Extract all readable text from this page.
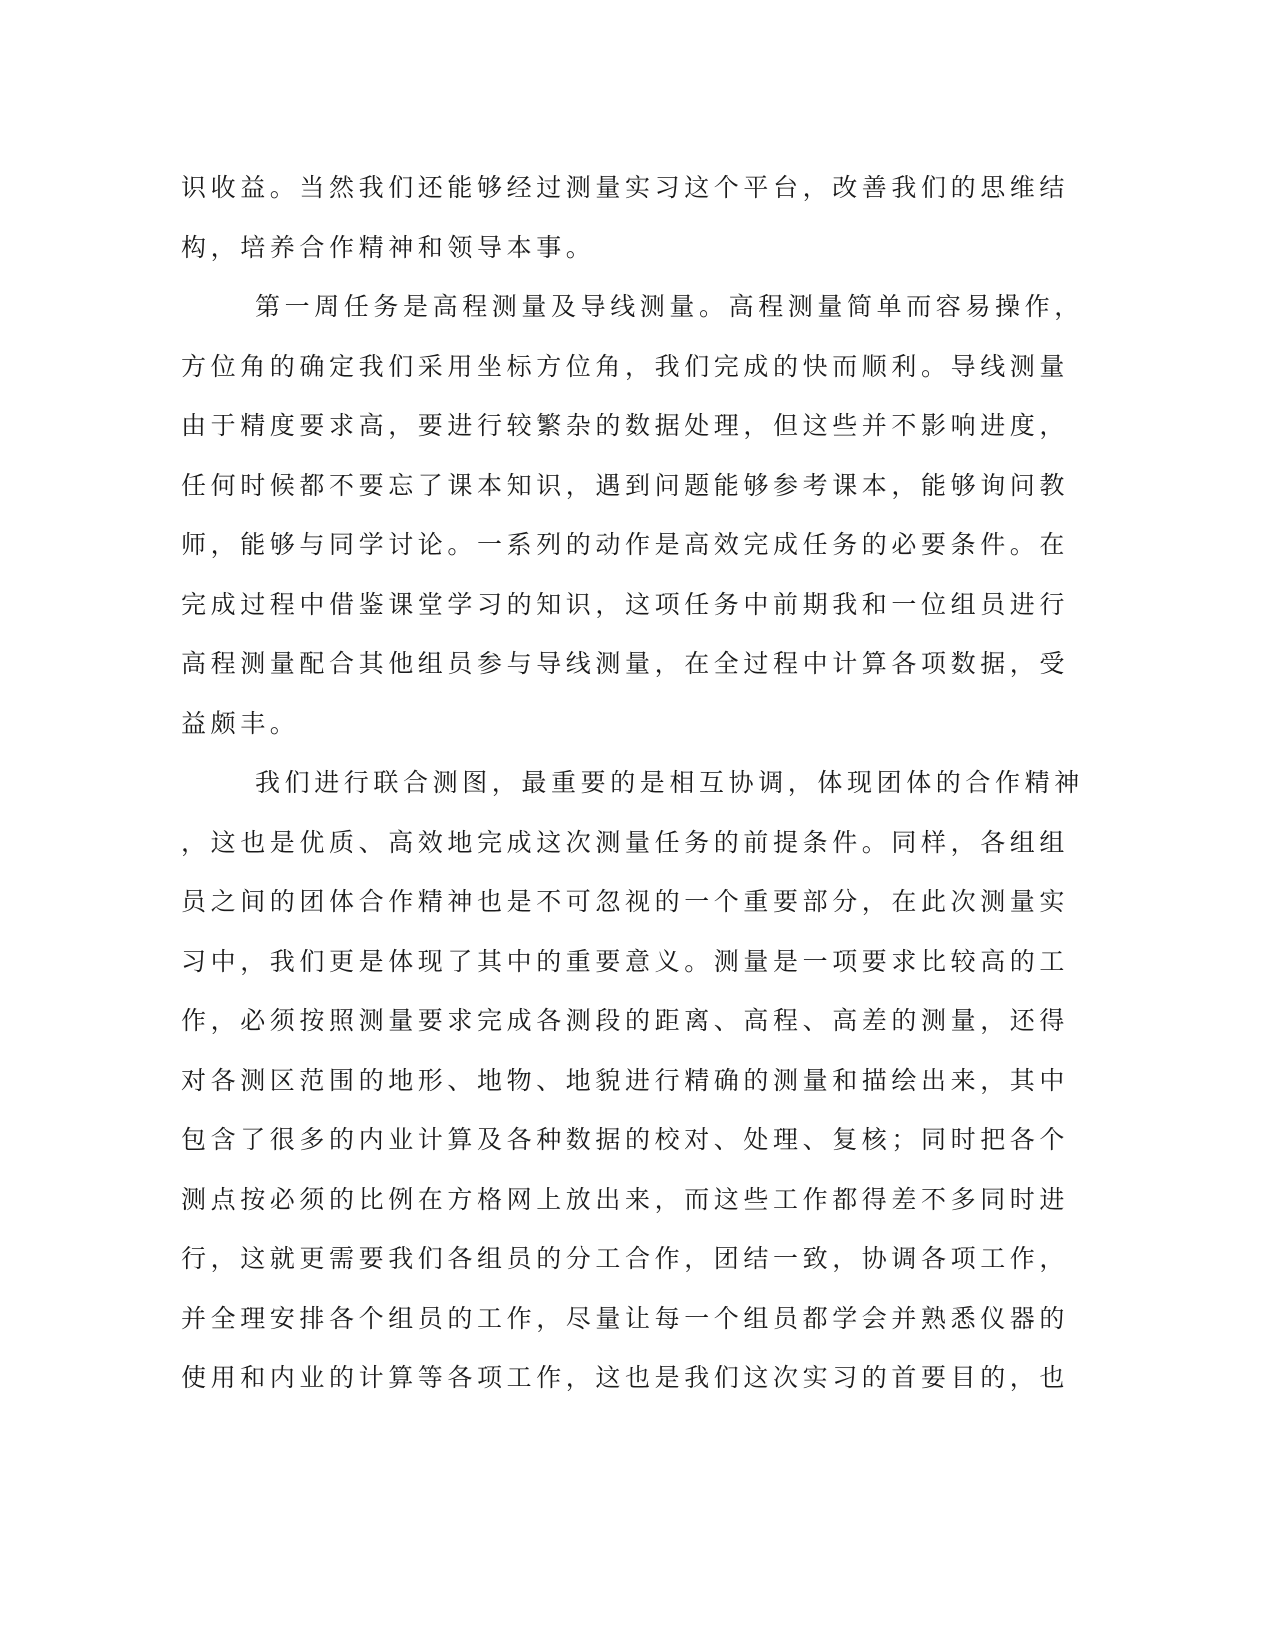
识收益。当然我们还能够经过测量实习这个平台，改善我们的思维结
构，培养合作精神和领导本事。
第一周任务是高程测量及导线测量。高程测量简单而容易操作，
方位角的确定我们采用坐标方位角，我们完成的快而顺利。导线测量
由于精度要求高，要进行较繁杂的数据处理，但这些并不影响进度，
任何时候都不要忘了课本知识，遇到问题能够参考课本，能够询问教
师，能够与同学讨论。一系列的动作是高效完成任务的必要条件。在
完成过程中借鉴课堂学习的知识，这项任务中前期我和一位组员进行
高程测量配合其他组员参与导线测量，在全过程中计算各项数据，受
益颇丰。
我们进行联合测图，最重要的是相互协调，体现团体的合作精神
，这也是优质、高效地完成这次测量任务的前提条件。同样，各组组
员之间的团体合作精神也是不可忽视的一个重要部分，在此次测量实
习中，我们更是体现了其中的重要意义。测量是一项要求比较高的工
作，必须按照测量要求完成各测段的距离、高程、高差的测量，还得
对各测区范围的地形、地物、地貌进行精确的测量和描绘出来，其中
包含了很多的内业计算及各种数据的校对、处理、复核；同时把各个
测点按必须的比例在方格网上放出来，而这些工作都得差不多同时进
行，这就更需要我们各组员的分工合作，团结一致，协调各项工作，
并全理安排各个组员的工作，尽量让每一个组员都学会并熟悉仪器的
使用和内业的计算等各项工作，这也是我们这次实习的首要目的，也
